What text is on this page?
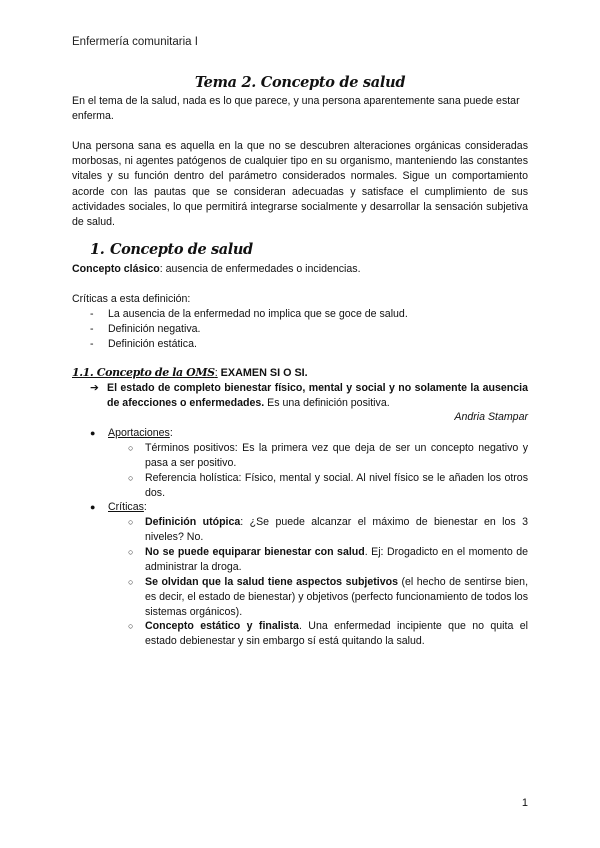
Enfermería comunitaria I
Tema 2. Concepto de salud
En el tema de la salud, nada es lo que parece, y una persona aparentemente sana puede estar enferma.
Una persona sana es aquella en la que no se descubren alteraciones orgánicas consideradas morbosas, ni agentes patógenos de cualquier tipo en su organismo, manteniendo las constantes vitales y su función dentro del parámetro considerados normales. Sigue un comportamiento acorde con las pautas que se consideran adecuadas y satisface el cumplimiento de sus actividades sociales, lo que permitirá integrarse socialmente y desarrollar la sensación subjetiva de salud.
1. Concepto de salud
Concepto clásico: ausencia de enfermedades o incidencias.
Críticas a esta definición:
-	La ausencia de la enfermedad no implica que se goce de salud.
-	Definición negativa.
-	Definición estática.
1.1. Concepto de la OMS: EXAMEN SI O SI.
➔ El estado de completo bienestar físico, mental y social y no solamente la ausencia de afecciones o enfermedades. Es una definición positiva.
Andria Stampar
●	Aportaciones:
○	Términos positivos: Es la primera vez que deja de ser un concepto negativo y pasa a ser positivo.
○	Referencia holística: Físico, mental y social. Al nivel físico se le añaden los otros dos.
●	Críticas:
○	Definición utópica: ¿Se puede alcanzar el máximo de bienestar en los 3 niveles? No.
○	No se puede equiparar bienestar con salud. Ej: Drogadicto en el momento de administrar la droga.
○	Se olvidan que la salud tiene aspectos subjetivos (el hecho de sentirse bien, es decir, el estado de bienestar) y objetivos (perfecto funcionamiento de todos los sistemas orgánicos).
○	Concepto estático y finalista. Una enfermedad incipiente que no quita el estado debienestar y sin embargo sí está quitando la salud.
1
